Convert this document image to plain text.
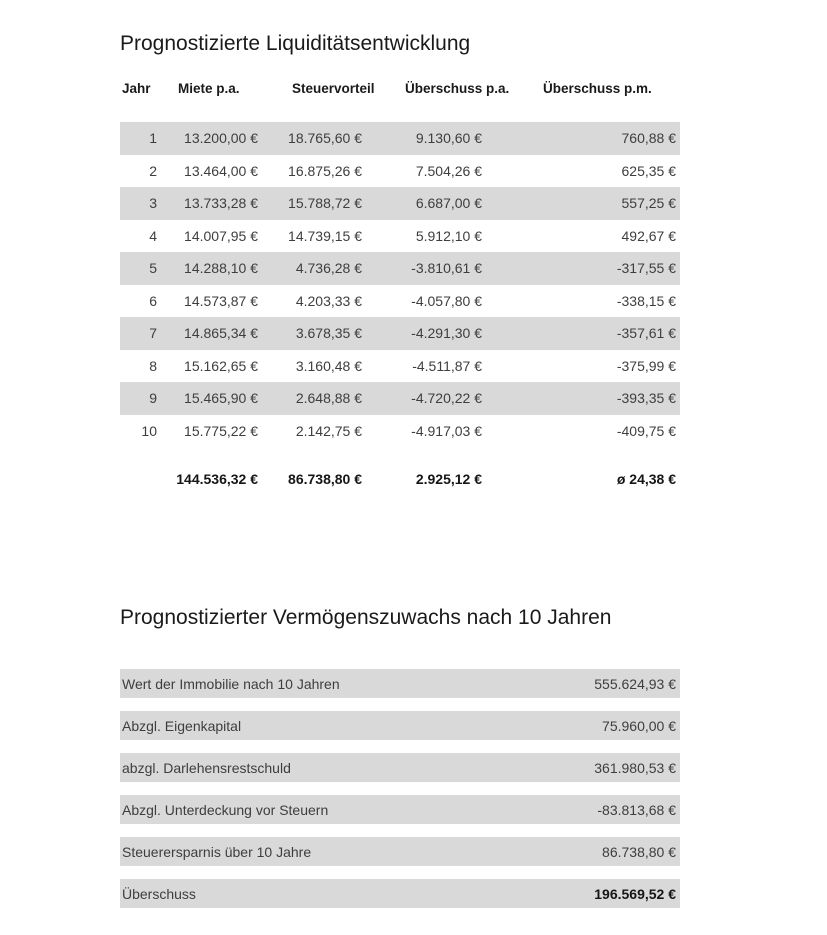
Prognostizierte Liquiditätsentwicklung
Jahr	Miete p.a.	Steuervorteil	Überschuss p.a.	Überschuss p.m.
1	13.200,00 €	18.765,60 €	9.130,60 €	760,88 €
2	13.464,00 €	16.875,26 €	7.504,26 €	625,35 €
3	13.733,28 €	15.788,72 €	6.687,00 €	557,25 €
4	14.007,95 €	14.739,15 €	5.912,10 €	492,67 €
5	14.288,10 €	4.736,28 €	-3.810,61 €	-317,55 €
6	14.573,87 €	4.203,33 €	-4.057,80 €	-338,15 €
7	14.865,34 €	3.678,35 €	-4.291,30 €	-357,61 €
8	15.162,65 €	3.160,48 €	-4.511,87 €	-375,99 €
9	15.465,90 €	2.648,88 €	-4.720,22 €	-393,35 €
10	15.775,22 €	2.142,75 €	-4.917,03 €	-409,75 €
	144.536,32 €	86.738,80 €	2.925,12 €	ø 24,38 €
Prognostizierter Vermögenszuwachs nach 10 Jahren
Wert der Immobilie nach 10 Jahren	555.624,93 €
Abzgl. Eigenkapital	75.960,00 €
abzgl. Darlehensrestschuld	361.980,53 €
Abzgl. Unterdeckung vor Steuern	-83.813,68 €
Steuerersparnis über 10 Jahre	86.738,80 €
Überschuss	196.569,52 €
